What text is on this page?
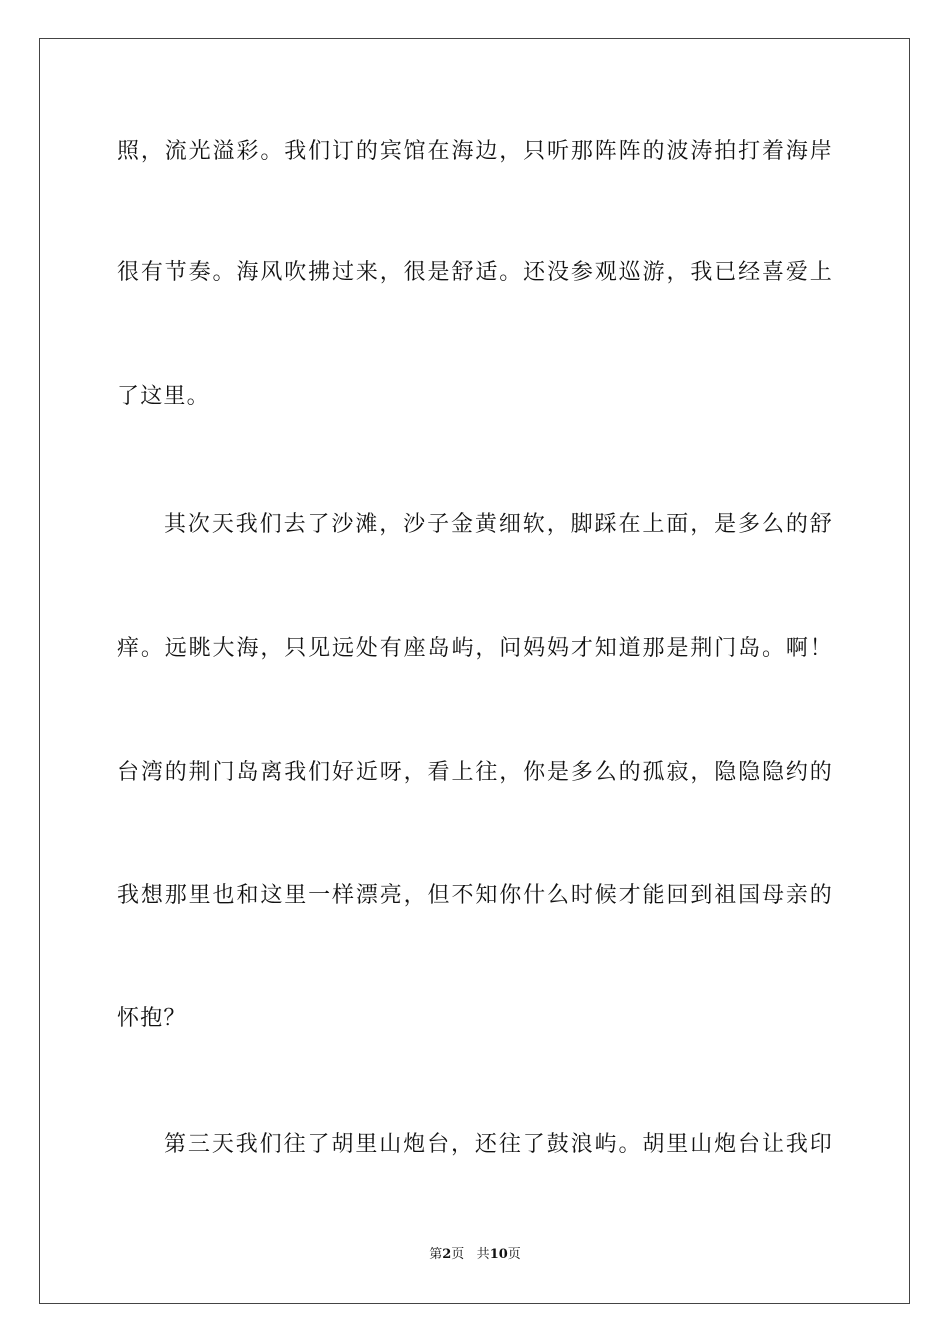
照，流光溢彩。我们订的宾馆在海边，只听那阵阵的波涛拍打着海岸
很有节奏。海风吹拂过来，很是舒适。还没参观巡游，我已经喜爱上
了这里。
其次天我们去了沙滩，沙子金黄细软，脚踩在上面，是多么的舒
痒。远眺大海，只见远处有座岛屿，问妈妈才知道那是荆门岛。啊！
台湾的荆门岛离我们好近呀，看上往，你是多么的孤寂，隐隐隐约的
我想那里也和这里一样漂亮，但不知你什么时候才能回到祖国母亲的
怀抱？
第三天我们往了胡里山炮台，还往了鼓浪屿。胡里山炮台让我印
第2页 共10页
